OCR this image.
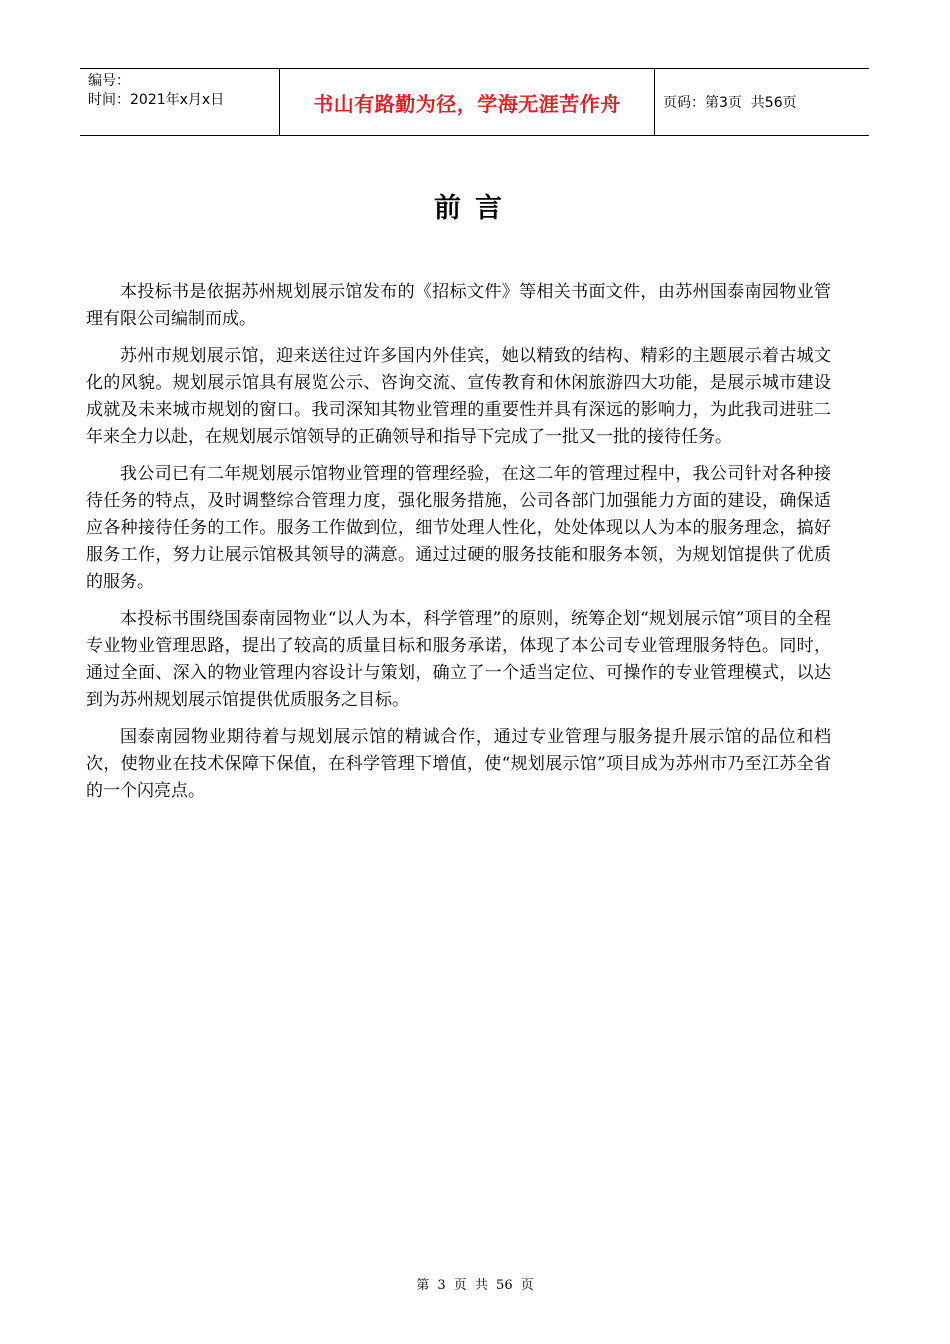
编号：
时间：2021年x月x日	书山有路勤为径，学海无涯苦作舟	页码：第3页  共56页
前言

本投标书是依据苏州规划展示馆发布的《招标文件》等相关书面文件，由苏州国泰南园物业管理有限公司编制而成。

苏州市规划展示馆，迎来送往过许多国内外佳宾，她以精致的结构、精彩的主题展示着古城文化的风貌。规划展示馆具有展览公示、咨询交流、宣传教育和休闲旅游四大功能，是展示城市建设成就及未来城市规划的窗口。我司深知其物业管理的重要性并具有深远的影响力，为此我司进驻二年来全力以赴，在规划展示馆领导的正确领导和指导下完成了一批又一批的接待任务。

我公司已有二年规划展示馆物业管理的管理经验，在这二年的管理过程中，我公司针对各种接待任务的特点，及时调整综合管理力度，强化服务措施，公司各部门加强能力方面的建设，确保适应各种接待任务的工作。服务工作做到位，细节处理人性化，处处体现以人为本的服务理念，搞好服务工作，努力让展示馆极其领导的满意。通过过硬的服务技能和服务本领，为规划馆提供了优质的服务。

本投标书围绕国泰南园物业“以人为本，科学管理”的原则，统筹企划“规划展示馆”项目的全程专业物业管理思路，提出了较高的质量目标和服务承诺，体现了本公司专业管理服务特色。同时，通过全面、深入的物业管理内容设计与策划，确立了一个适当定位、可操作的专业管理模式，以达到为苏州规划展示馆提供优质服务之目标。

国泰南园物业期待着与规划展示馆的精诚合作，通过专业管理与服务提升展示馆的品位和档次，使物业在技术保障下保值，在科学管理下增值，使“规划展示馆”项目成为苏州市乃至江苏全省的一个闪亮点。

第 3 页 共 56 页
